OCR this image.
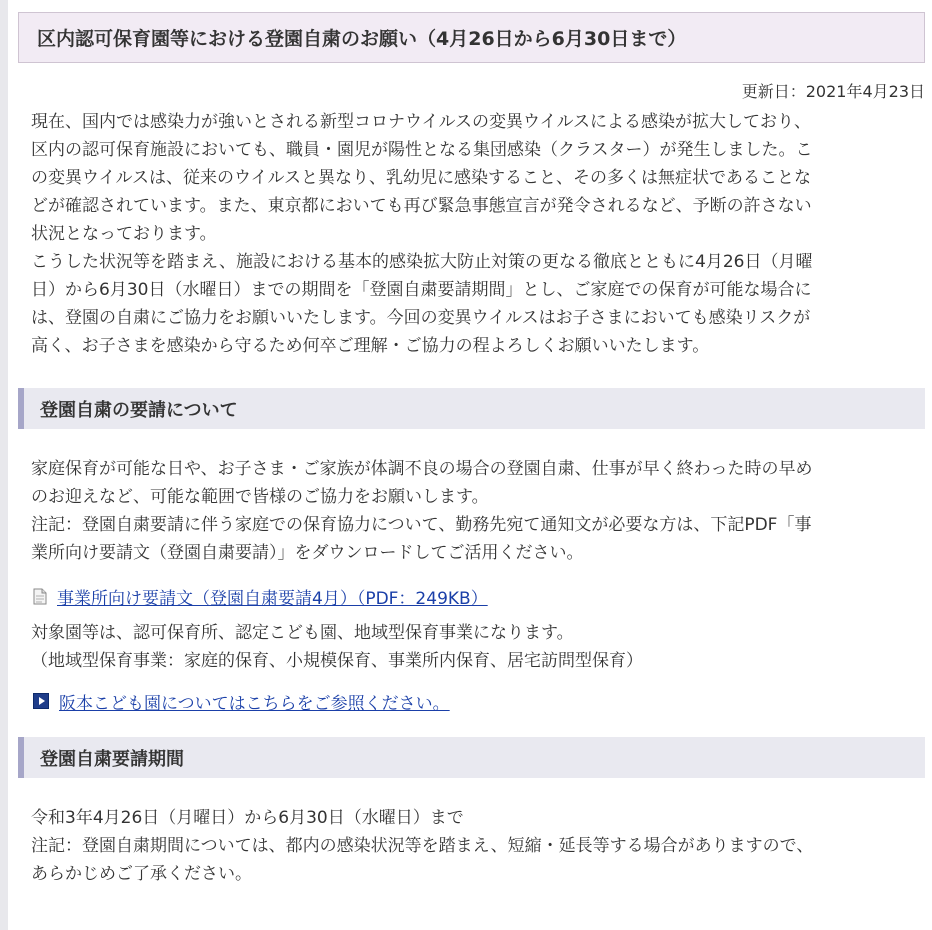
区内認可保育園等における登園自粛のお願い（4月26日から6月30日まで）
更新日：2021年4月23日

現在、国内では感染力が強いとされる新型コロナウイルスの変異ウイルスによる感染が拡大しており、
区内の認可保育施設においても、職員・園児が陽性となる集団感染（クラスター）が発生しました。こ
の変異ウイルスは、従来のウイルスと異なり、乳幼児に感染すること、その多くは無症状であることな
どが確認されています。また、東京都においても再び緊急事態宣言が発令されるなど、予断の許さない
状況となっております。
こうした状況等を踏まえ、施設における基本的感染拡大防止対策の更なる徹底とともに4月26日（月曜
日）から6月30日（水曜日）までの期間を「登園自粛要請期間」とし、ご家庭での保育が可能な場合に
は、登園の自粛にご協力をお願いいたします。今回の変異ウイルスはお子さまにおいても感染リスクが
高く、お子さまを感染から守るため何卒ご理解・ご協力の程よろしくお願いいたします。

登園自粛の要請について

家庭保育が可能な日や、お子さま・ご家族が体調不良の場合の登園自粛、仕事が早く終わった時の早め
のお迎えなど、可能な範囲で皆様のご協力をお願いします。
注記：登園自粛要請に伴う家庭での保育協力について、勤務先宛て通知文が必要な方は、下記PDF「事
業所向け要請文（登園自粛要請）」をダウンロードしてご活用ください。

事業所向け要請文（登園自粛要請4月）（PDF：249KB）

対象園等は、認可保育所、認定こども園、地域型保育事業になります。
（地域型保育事業：家庭的保育、小規模保育、事業所内保育、居宅訪問型保育）

阪本こども園についてはこちらをご参照ください。
登園自粛要請期間

令和3年4月26日（月曜日）から6月30日（水曜日）まで
注記：登園自粛期間については、都内の感染状況等を踏まえ、短縮・延長等する場合がありますので、
あらかじめご了承ください。
